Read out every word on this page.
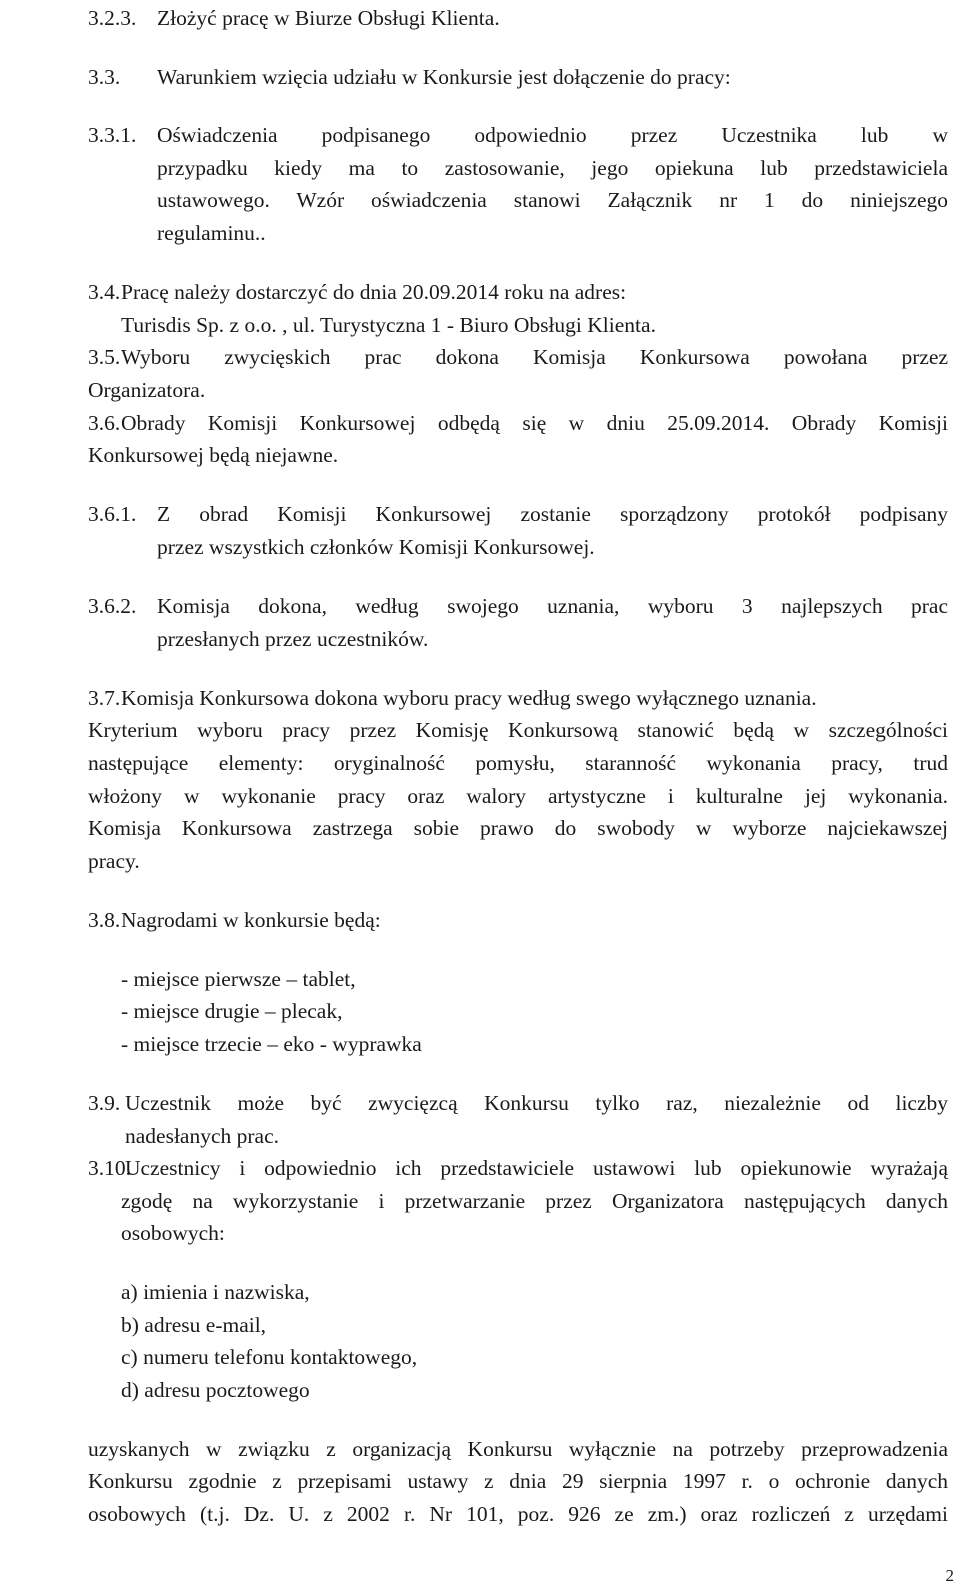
3.2.3. Złożyć pracę w Biurze Obsługi Klienta.
3.3. Warunkiem wzięcia udziału w Konkursie jest dołączenie do pracy:
3.3.1. Oświadczenia podpisanego odpowiednio przez Uczestnika lub w
przypadku kiedy ma to zastosowanie, jego opiekuna lub przedstawiciela
ustawowego. Wzór oświadczenia stanowi Załącznik nr 1 do niniejszego
regulaminu..
3.4. Pracę należy dostarczyć do dnia 20.09.2014 roku na adres:
Turisdis Sp. z o.o. , ul. Turystyczna 1 - Biuro Obsługi Klienta.
3.5. Wyboru zwycięskich prac dokona Komisja Konkursowa powołana przez
Organizatora.
3.6. Obrady Komisji Konkursowej odbędą się w dniu 25.09.2014. Obrady Komisji
Konkursowej będą niejawne.
3.6.1. Z obrad Komisji Konkursowej zostanie sporządzony protokół podpisany
przez wszystkich członków Komisji Konkursowej.
3.6.2. Komisja dokona, według swojego uznania, wyboru 3 najlepszych prac
przesłanych przez uczestników.
3.7. Komisja Konkursowa dokona wyboru pracy według swego wyłącznego uznania.
Kryterium wyboru pracy przez Komisję Konkursową stanowić będą w szczególności
następujące elementy: oryginalność pomysłu, staranność wykonania pracy, trud
włożony w wykonanie pracy oraz walory artystyczne i kulturalne jej wykonania.
Komisja Konkursowa zastrzega sobie prawo do swobody w wyborze najciekawszej
pracy.
3.8. Nagrodami w konkursie będą:
- miejsce pierwsze – tablet,
- miejsce drugie – plecak,
- miejsce trzecie – eko - wyprawka
3.9. Uczestnik może być zwycięzcą Konkursu tylko raz, niezależnie od liczby
nadesłanych prac.
3.10.
Uczestnicy i odpowiednio ich przedstawiciele ustawowi lub opiekunowie wyrażają
zgodę na wykorzystanie i przetwarzanie przez Organizatora następujących danych
osobowych:
a) imienia i nazwiska,
b) adresu e-mail,
c) numeru telefonu kontaktowego,
d) adresu pocztowego
uzyskanych w związku z organizacją Konkursu wyłącznie na potrzeby przeprowadzenia
Konkursu zgodnie z przepisami ustawy z dnia 29 sierpnia 1997 r. o ochronie danych
osobowych (t.j. Dz. U. z 2002 r. Nr 101, poz. 926 ze zm.) oraz rozliczeń z urzędami
2
